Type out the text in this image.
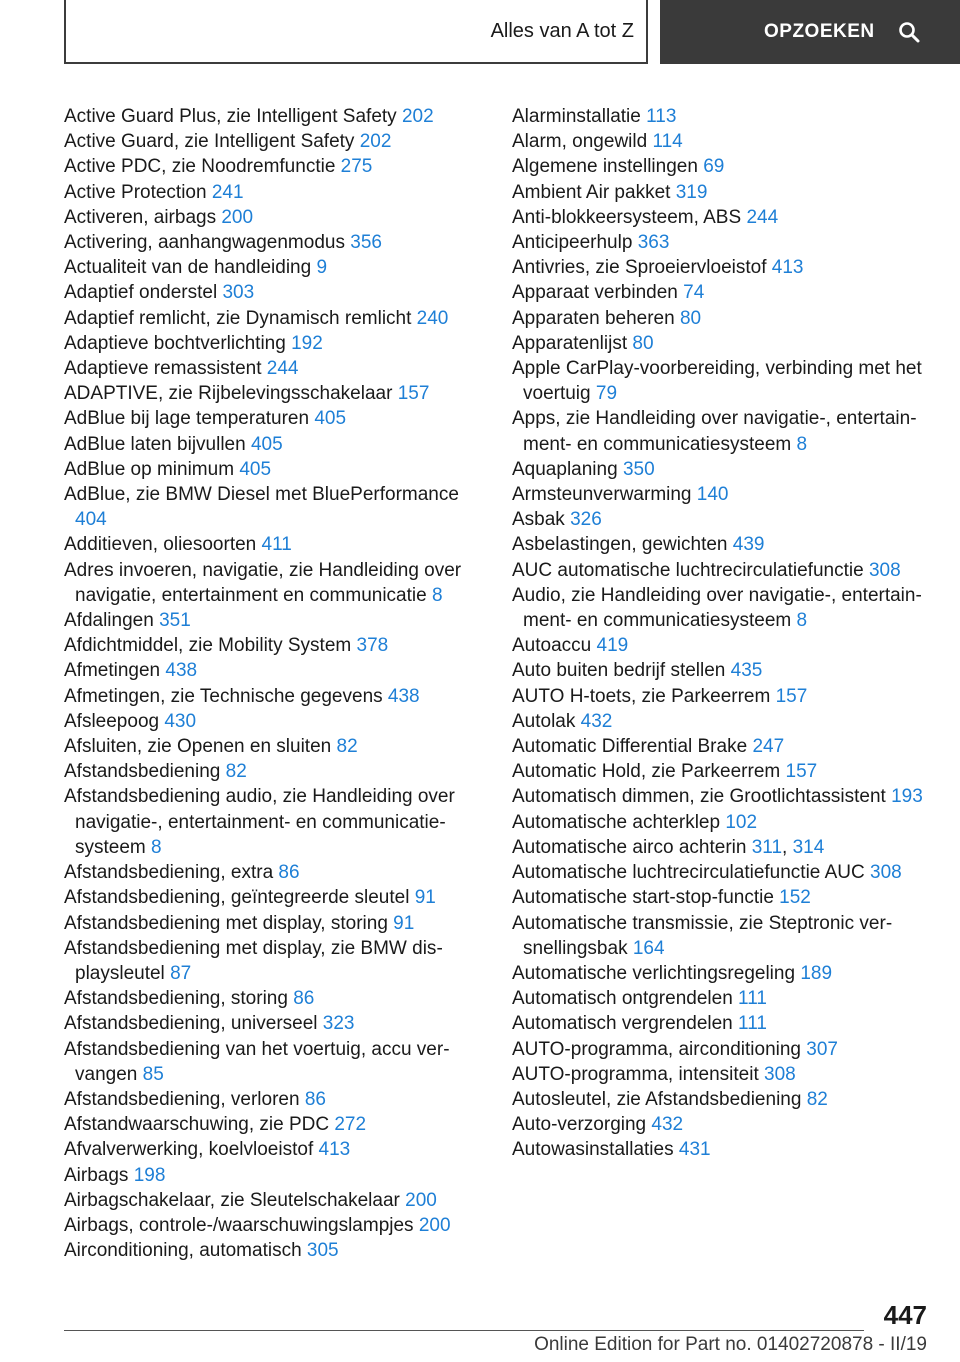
Alles van A tot Z	OPZOEKEN
Active Guard Plus, zie Intelligent Safety 202
Active Guard, zie Intelligent Safety 202
Active PDC, zie Noodremfunctie 275
Active Protection 241
Activeren, airbags 200
Activering, aanhangwagenmodus 356
Actualiteit van de handleiding 9
Adaptief onderstel 303
Adaptief remlicht, zie Dynamisch remlicht 240
Adaptieve bochtverlichting 192
Adaptieve remassistent 244
ADAPTIVE, zie Rijbelevingsschakelaar 157
AdBlue bij lage temperaturen 405
AdBlue laten bijvullen 405
AdBlue op minimum 405
AdBlue, zie BMW Diesel met BluePerformance 404
Additieven, oliesoorten 411
Adres invoeren, navigatie, zie Handleiding over navigatie, entertainment en communicatie 8
Afdalingen 351
Afdichtmiddel, zie Mobility System 378
Afmetingen 438
Afmetingen, zie Technische gegevens 438
Afsleepoog 430
Afsluiten, zie Openen en sluiten 82
Afstandsbediening 82
Afstandsbediening audio, zie Handleiding over navigatie-, entertainment- en communicatiesysteem 8
Afstandsbediening, extra 86
Afstandsbediening, geïntegreerde sleutel 91
Afstandsbediening met display, storing 91
Afstandsbediening met display, zie BMW displaysleutel 87
Afstandsbediening, storing 86
Afstandsbediening, universeel 323
Afstandsbediening van het voertuig, accu vervangen 85
Afstandsbediening, verloren 86
Afstandwaarschuwing, zie PDC 272
Afvalverwerking, koelvloeistof 413
Airbags 198
Airbagschakelaar, zie Sleutelschakelaar 200
Airbags, controle-/waarschuwingslampjes 200
Airconditioning, automatisch 305
Alarminstallatie 113
Alarm, ongewild 114
Algemene instellingen 69
Ambient Air pakket 319
Anti-blokkeersysteem, ABS 244
Anticipeerhulp 363
Antivries, zie Sproeiervloeistof 413
Apparaat verbinden 74
Apparaten beheren 80
Apparatenlijst 80
Apple CarPlay-voorbereiding, verbinding met het voertuig 79
Apps, zie Handleiding over navigatie-, entertainment- en communicatiesysteem 8
Aquaplaning 350
Armsteunverwarming 140
Asbak 326
Asbelastingen, gewichten 439
AUC automatische luchtrecirculatiefunctie 308
Audio, zie Handleiding over navigatie-, entertainment- en communicatiesysteem 8
Autoaccu 419
Auto buiten bedrijf stellen 435
AUTO H-toets, zie Parkeerrem 157
Autolak 432
Automatic Differential Brake 247
Automatic Hold, zie Parkeerrem 157
Automatisch dimmen, zie Grootlichtassistent 193
Automatische achterklep 102
Automatische airco achterin 311, 314
Automatische luchtrecirculatiefunctie AUC 308
Automatische start-stop-functie 152
Automatische transmissie, zie Steptronic versnellingsbak 164
Automatische verlichtingsregeling 189
Automatisch ontgrendelen 111
Automatisch vergrendelen 111
AUTO-programma, airconditioning 307
AUTO-programma, intensiteit 308
Autosleutel, zie Afstandsbediening 82
Auto-verzorging 432
Autowasinstallaties 431
447
Online Edition for Part no. 01402720878 - II/19
